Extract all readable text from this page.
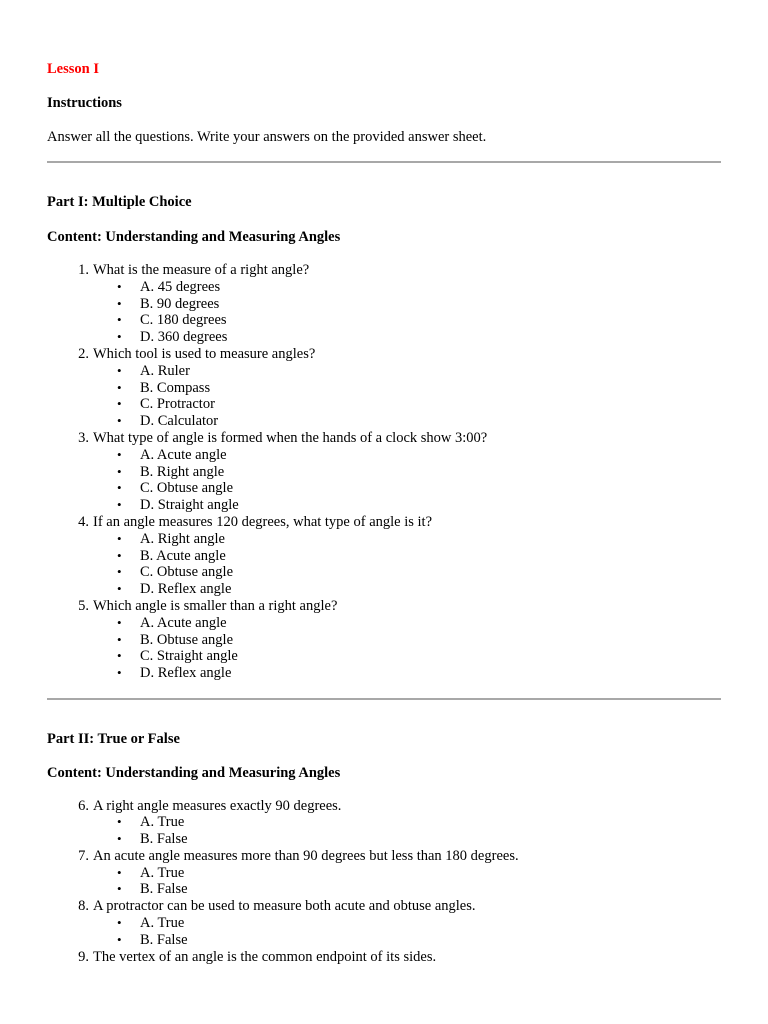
Lesson I

Instructions

Answer all the questions. Write your answers on the provided answer sheet.

Part I: Multiple Choice

Content: Understanding and Measuring Angles

1. What is the measure of a right angle?
• A. 45 degrees
• B. 90 degrees
• C. 180 degrees
• D. 360 degrees
2. Which tool is used to measure angles?
• A. Ruler
• B. Compass
• C. Protractor
• D. Calculator
3. What type of angle is formed when the hands of a clock show 3:00?
• A. Acute angle
• B. Right angle
• C. Obtuse angle
• D. Straight angle
4. If an angle measures 120 degrees, what type of angle is it?
• A. Right angle
• B. Acute angle
• C. Obtuse angle
• D. Reflex angle
5. Which angle is smaller than a right angle?
• A. Acute angle
• B. Obtuse angle
• C. Straight angle
• D. Reflex angle

Part II: True or False

Content: Understanding and Measuring Angles

6. A right angle measures exactly 90 degrees.
• A. True
• B. False
7. An acute angle measures more than 90 degrees but less than 180 degrees.
• A. True
• B. False
8. A protractor can be used to measure both acute and obtuse angles.
• A. True
• B. False
9. The vertex of an angle is the common endpoint of its sides.
